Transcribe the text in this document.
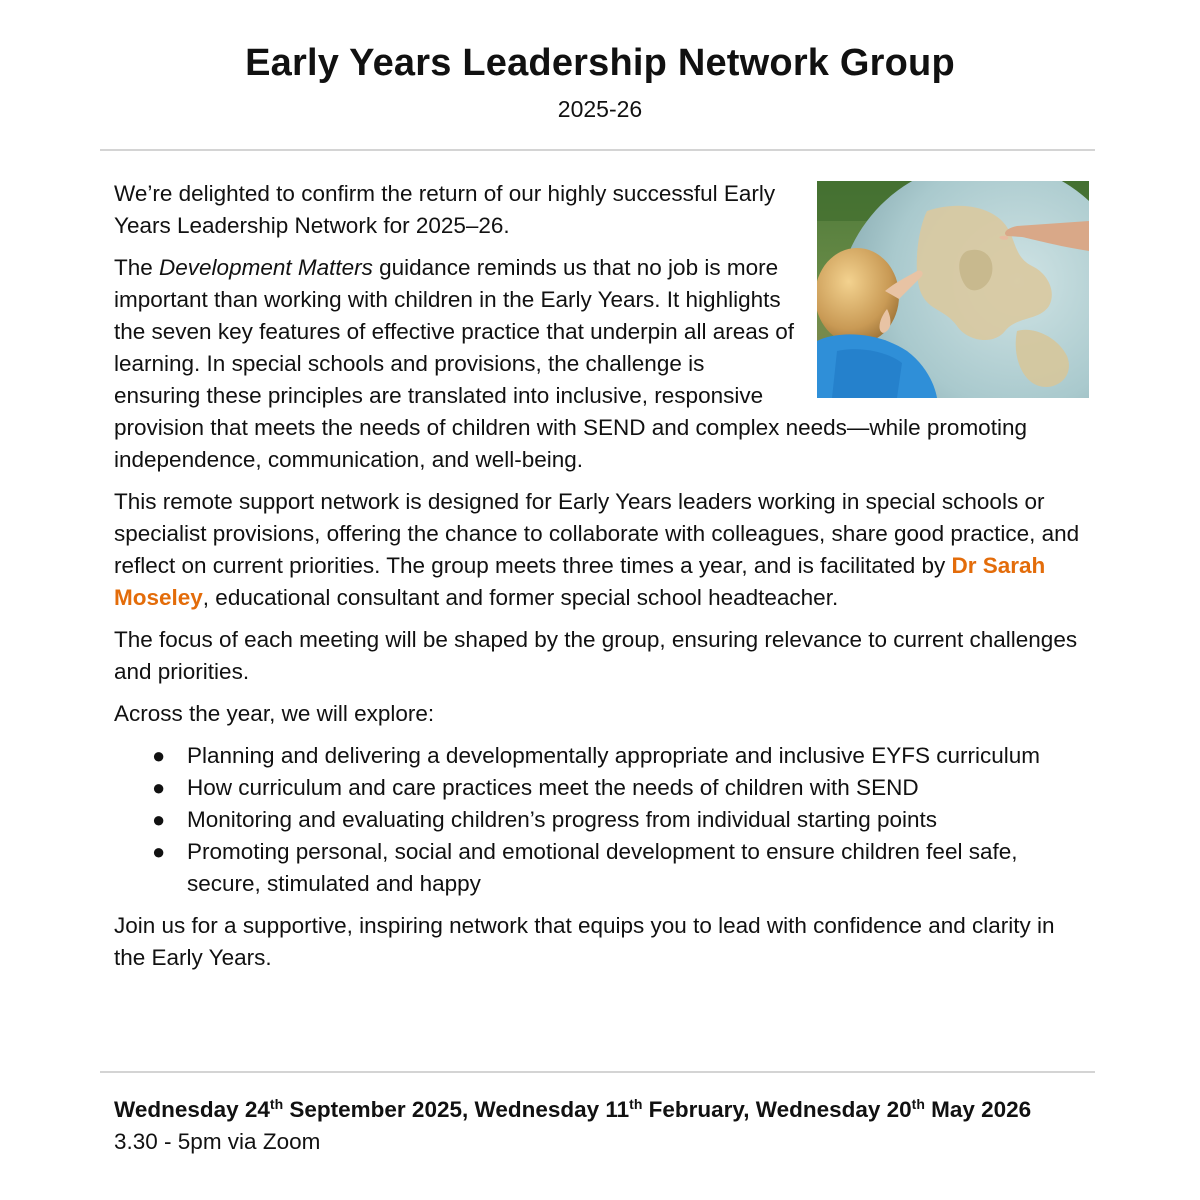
Early Years Leadership Network Group
2025-26

We’re delighted to confirm the return of our highly successful Early Years Leadership Network for 2025–26.

The Development Matters guidance reminds us that no job is more important than working with children in the Early Years. It highlights the seven key features of effective practice that underpin all areas of learning. In special schools and provisions, the challenge is ensuring these principles are translated into inclusive, responsive provision that meets the needs of children with SEND and complex needs—while promoting independence, communication, and well-being.

This remote support network is designed for Early Years leaders working in special schools or specialist provisions, offering the chance to collaborate with colleagues, share good practice, and reflect on current priorities. The group meets three times a year, and is facilitated by Dr Sarah Moseley, educational consultant and former special school headteacher.

The focus of each meeting will be shaped by the group, ensuring relevance to current challenges and priorities.

Across the year, we will explore:

● Planning and delivering a developmentally appropriate and inclusive EYFS curriculum
● How curriculum and care practices meet the needs of children with SEND
● Monitoring and evaluating children’s progress from individual starting points
● Promoting personal, social and emotional development to ensure children feel safe, secure, stimulated and happy

Join us for a supportive, inspiring network that equips you to lead with confidence and clarity in the Early Years.

Wednesday 24th September 2025, Wednesday 11th February, Wednesday 20th May 2026
3.30 - 5pm via Zoom
